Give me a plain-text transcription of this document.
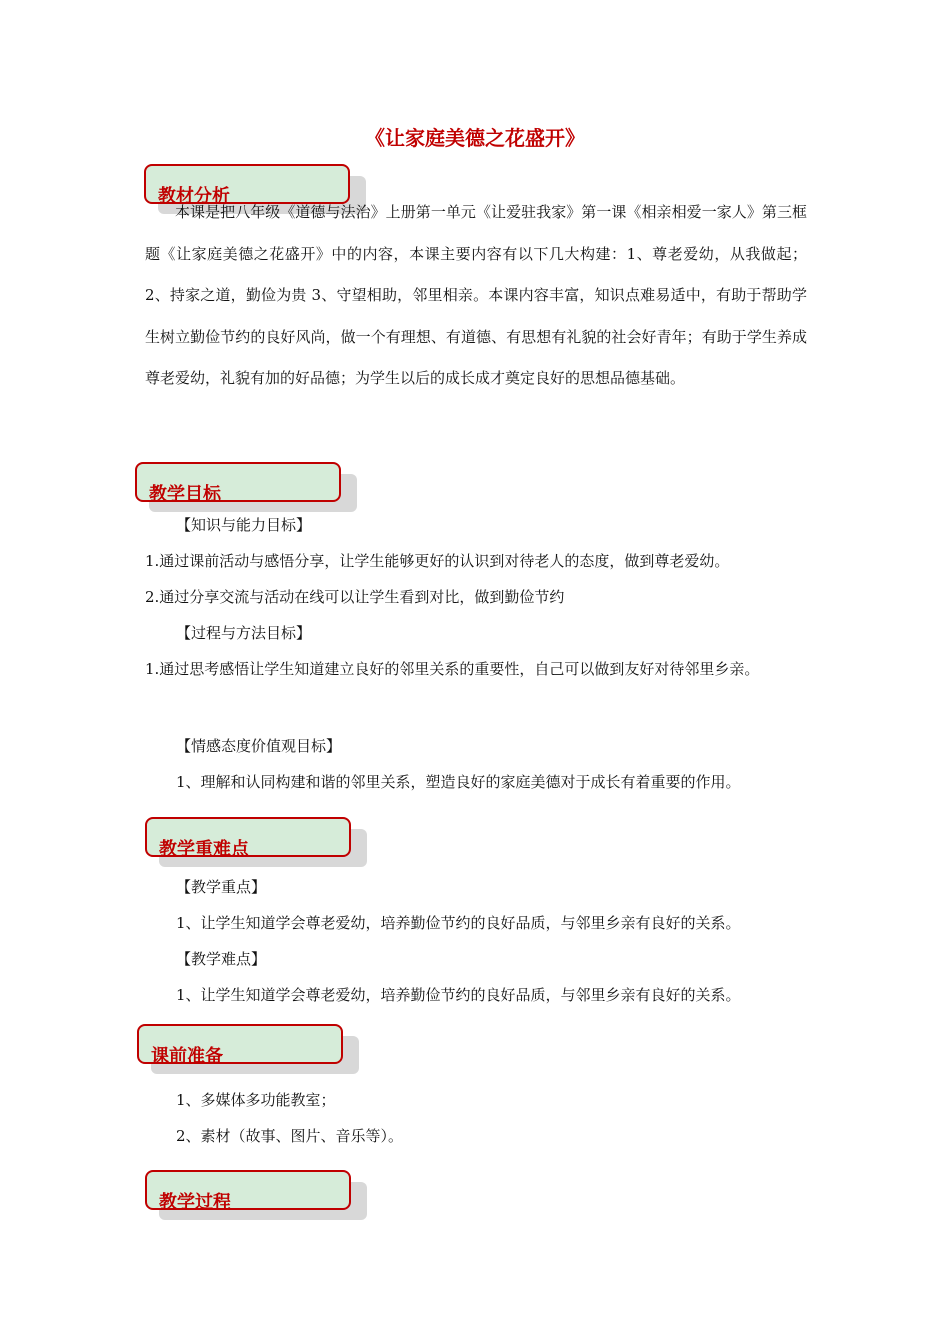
《让家庭美德之花盛开》
教材分析

本课是把八年级《道德与法治》上册第一单元《让爱驻我家》第一课《相亲相爱一家人》第三框题《让家庭美德之花盛开》中的内容，本课主要内容有以下几大构建：1、尊老爱幼，从我做起；2、持家之道，勤俭为贵 3、守望相助，邻里相亲。本课内容丰富，知识点难易适中，有助于帮助学生树立勤俭节约的良好风尚，做一个有理想、有道德、有思想有礼貌的社会好青年；有助于学生养成尊老爱幼，礼貌有加的好品德；为学生以后的成长成才奠定良好的思想品德基础。

教学目标
【知识与能力目标】
1.通过课前活动与感悟分享，让学生能够更好的认识到对待老人的态度，做到尊老爱幼。
2.通过分享交流与活动在线可以让学生看到对比，做到勤俭节约
【过程与方法目标】

1.通过思考感悟让学生知道建立良好的邻里关系的重要性，自己可以做到友好对待邻里乡亲。

【情感态度价值观目标】
1、理解和认同构建和谐的邻里关系，塑造良好的家庭美德对于成长有着重要的作用。
教学重难点
【教学重点】
1、让学生知道学会尊老爱幼，培养勤俭节约的良好品质，与邻里乡亲有良好的关系。
【教学难点】
1、让学生知道学会尊老爱幼，培养勤俭节约的良好品质，与邻里乡亲有良好的关系。
课前准备
1、多媒体多功能教室；
2、素材（故事、图片、音乐等）。
教学过程
